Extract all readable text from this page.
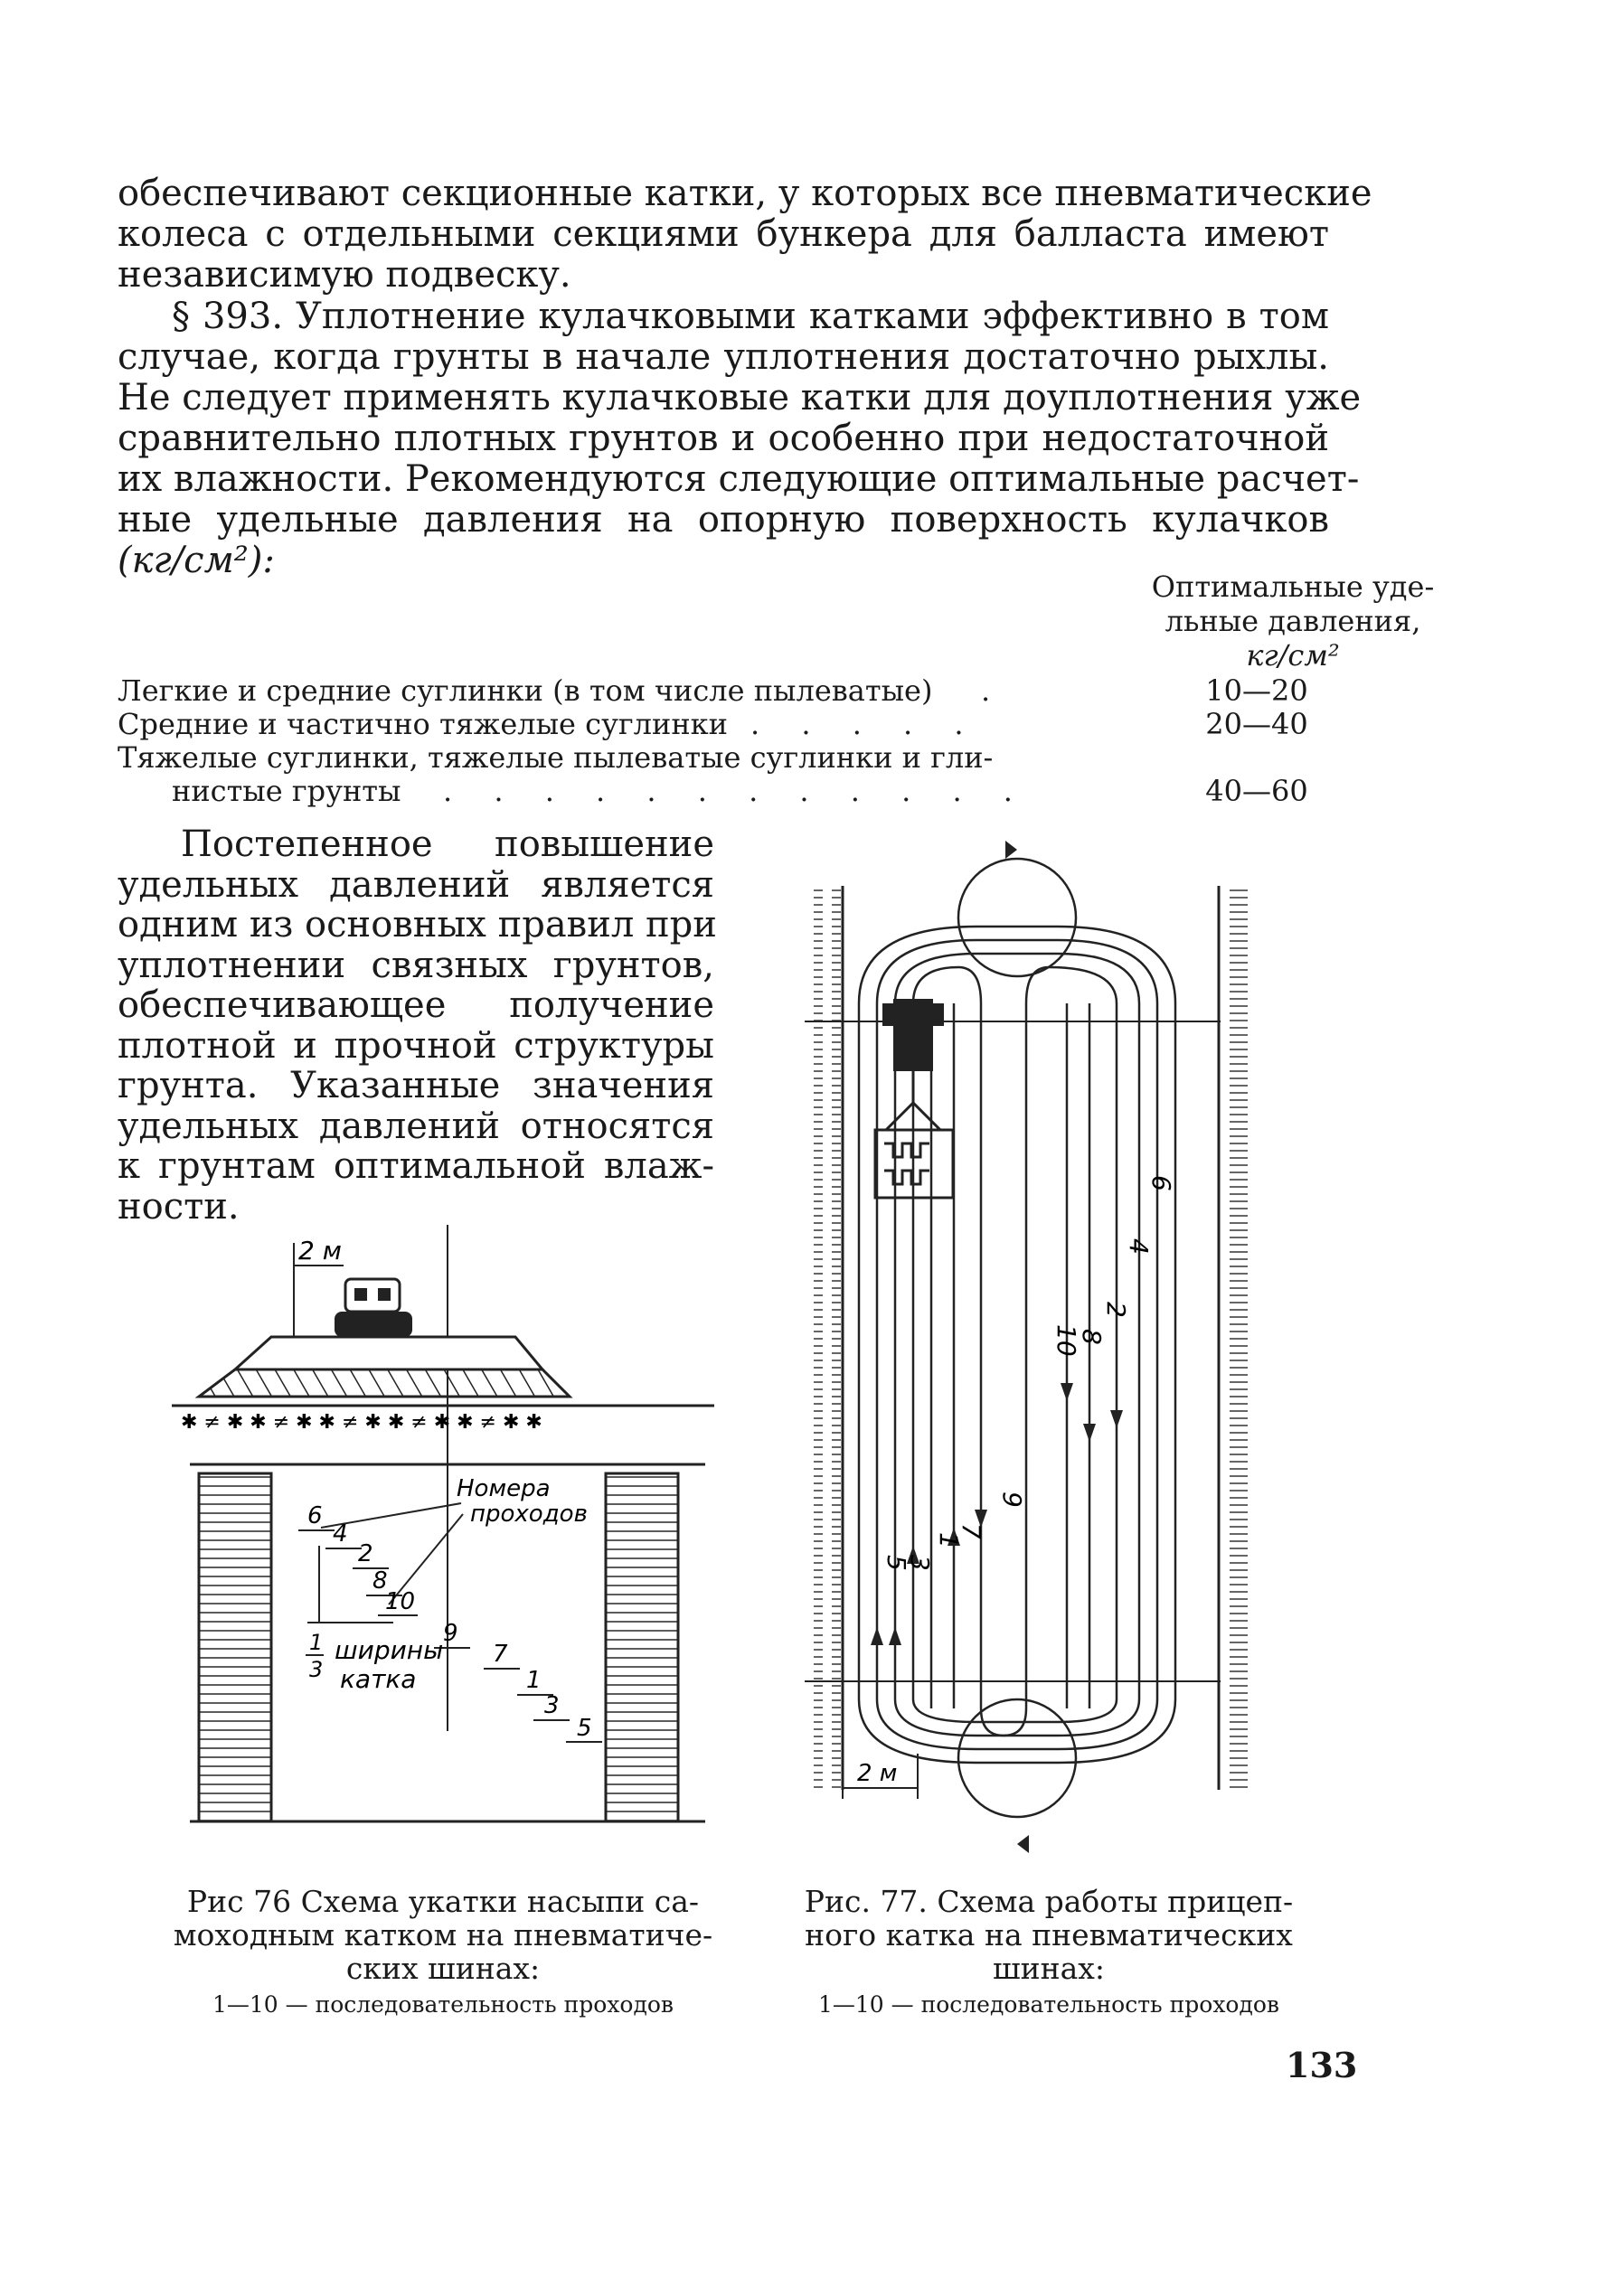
обеспечивают секционные катки, у которых все пневматические
колеса с отдельными секциями бункера для балласта имеют
независимую подвеску.
§ 393. Уплотнение кулачковыми катками эффективно в том
случае, когда грунты в начале уплотнения достаточно рыхлы.
Не следует применять кулачковые катки для доуплотнения уже
сравнительно плотных грунтов и особенно при недостаточной
их влажности. Рекомендуются следующие оптимальные расчет-
ные удельные давления на опорную поверхность кулачков
(кг/см²):
Оптимальные уде-
льные давления,
кг/см²
Легкие и средние суглинки (в том числе пылеватые) .	10—20
Средние и частично тяжелые суглинки . . . . .	20—40
Тяжелые суглинки, тяжелые пылеватые суглинки и гли-
нистые грунты . . . . . . . . . . . .	40—60
Постепенное повышение
удельных давлений является
одним из основных правил при
уплотнении связных грунтов,
обеспечивающее получение
плотной и прочной структуры
грунта. Указанные значения
удельных давлений относятся
к грунтам оптимальной влаж-
ности.
2 м
✱ ≠ ✱ ✱ ≠ ✱ ✱ ≠ ✱ ✱ ≠ ✱ ✱ ≠ ✱ ✱
Номера
проходов
6
4
2
8
10
9
7
1
3
5
1
3
ширины
катка
Рис 76 Схема укатки насыпи са-
моходным катком на пневматиче-
ских шинах:
1—10 — последовательность проходов
10
8
2
4
6
9
7
1
3
5
2 м
Рис. 77. Схема работы прицеп-
ного катка на пневматических
шинах:
1—10 — последовательность проходов
133
